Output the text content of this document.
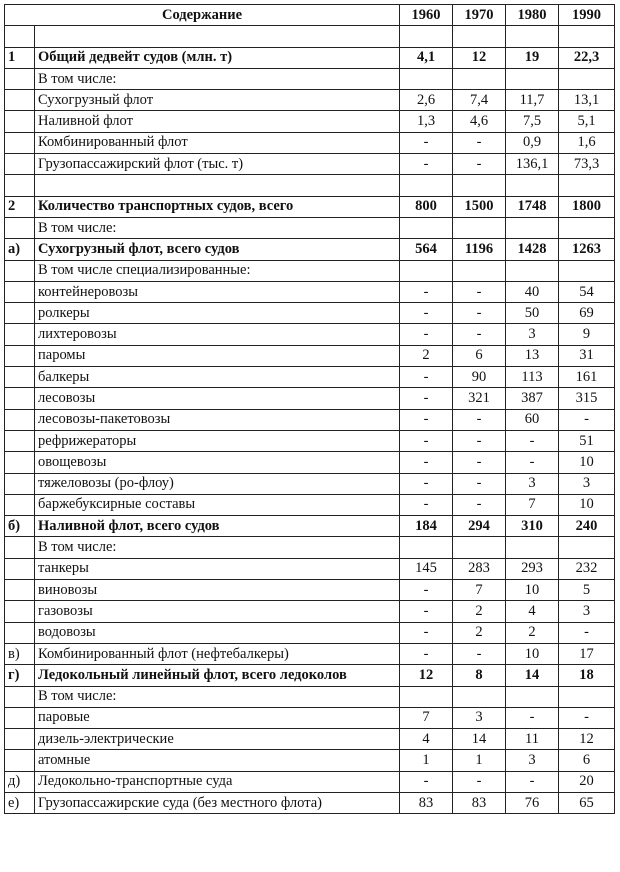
Содержание		1960	1970	1980	1990

1	Общий дедвейт судов (млн. т)	4,1	12	19	22,3
	В том числе:				
	Сухогрузный флот	2,6	7,4	11,7	13,1
	Наливной флот	1,3	4,6	7,5	5,1
	Комбинированный флот	-	-	0,9	1,6
	Грузопассажирский флот (тыс. т)	-	-	136,1	73,3

2	Количество транспортных судов, всего	800	1500	1748	1800
	В том числе:				
а)	Сухогрузный флот, всего судов	564	1196	1428	1263
	В том числе специализированные:				
	контейнеровозы	-	-	40	54
	ролкеры	-	-	50	69
	лихтеровозы	-	-	3	9
	паромы	2	6	13	31
	балкеры	-	90	113	161
	лесовозы	-	321	387	315
	лесовозы-пакетовозы	-	-	60	-
	рефрижераторы	-	-	-	51
	овощевозы	-	-	-	10
	тяжеловозы (ро-флоу)	-	-	3	3
	баржебуксирные составы	-	-	7	10
б)	Наливной флот, всего судов	184	294	310	240
	В том числе:				
	танкеры	145	283	293	232
	виновозы	-	7	10	5
	газовозы	-	2	4	3
	водовозы	-	2	2	-
в)	Комбинированный флот (нефтебалкеры)	-	-	10	17
г)	Ледокольный линейный флот, всего ледоколов	12	8	14	18
	В том числе:				
	паровые	7	3	-	-
	дизель-электрические	4	14	11	12
	атомные	1	1	3	6
д)	Ледокольно-транспортные суда	-	-	-	20
е)	Грузопассажирские суда (без местного флота)	83	83	76	65
